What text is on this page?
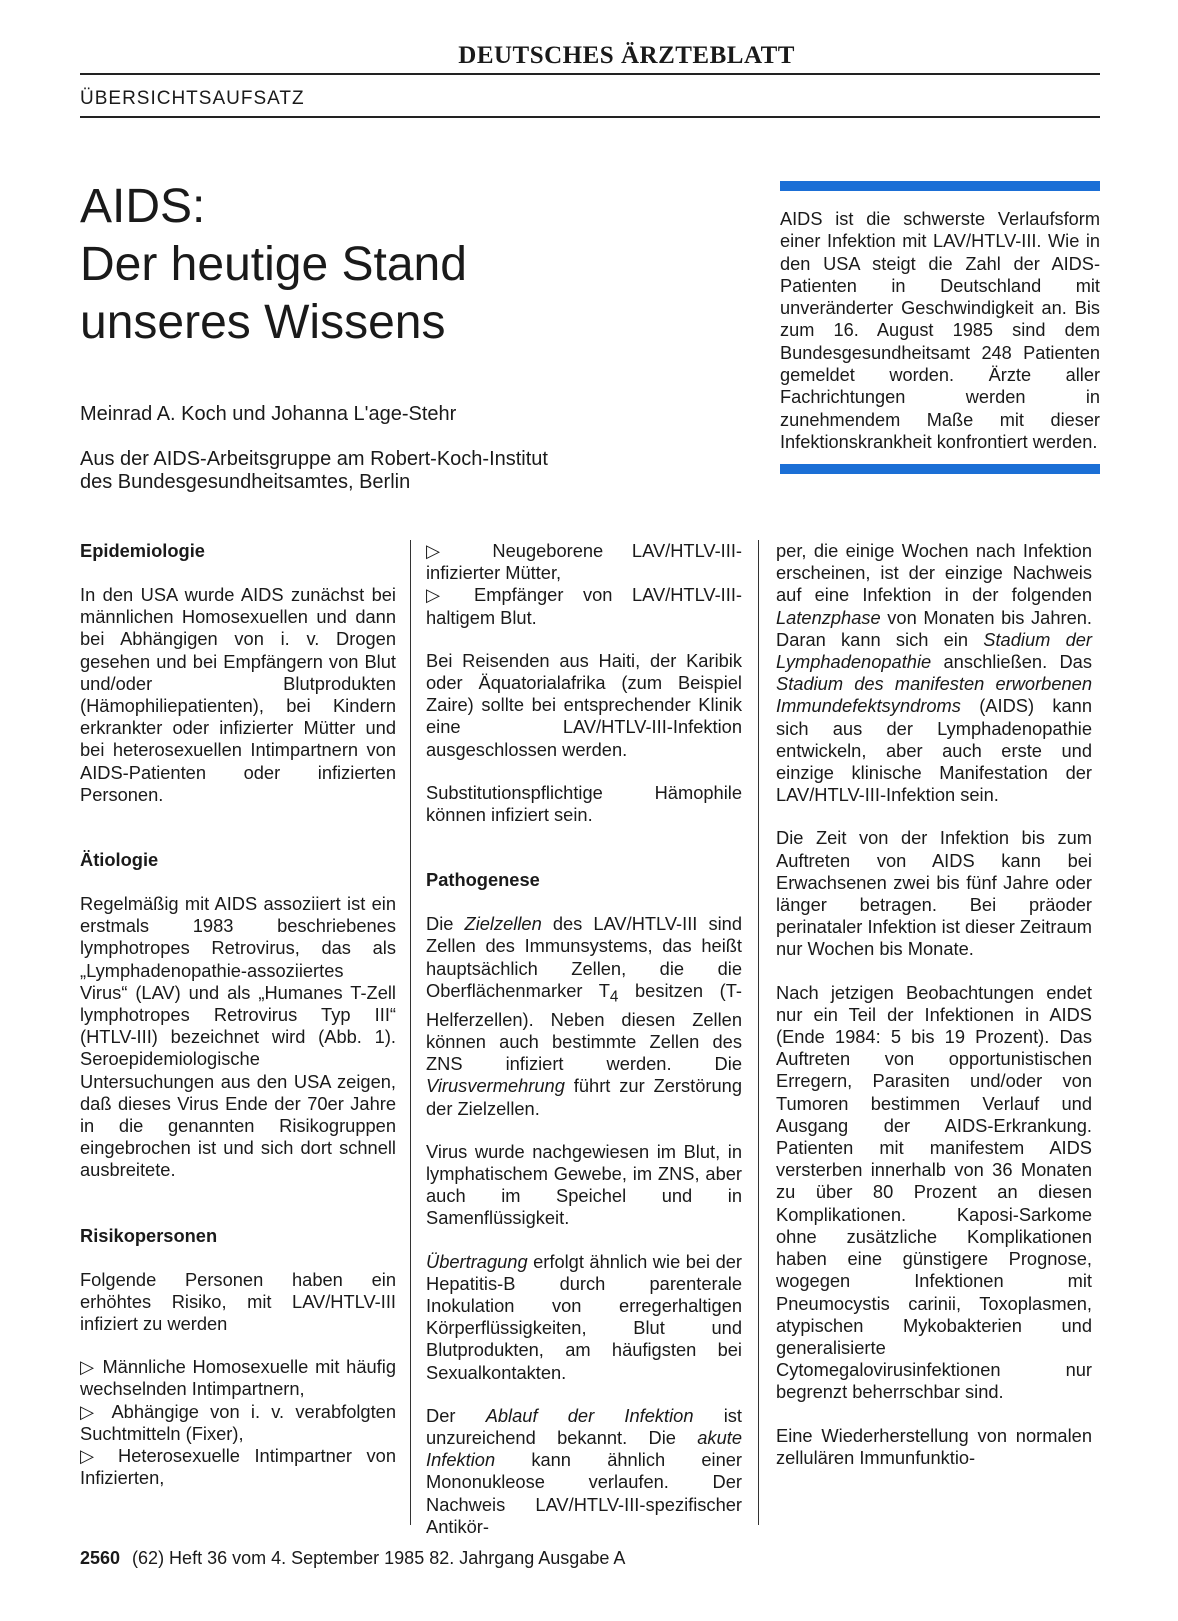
DEUTSCHES ÄRZTEBLATT
ÜBERSICHTSAUFSATZ
AIDS:
Der heutige Stand
unseres Wissens
Meinrad A. Koch und Johanna L'age-Stehr
Aus der AIDS-Arbeitsgruppe am Robert-Koch-Institut
des Bundesgesundheitsamtes, Berlin

AIDS ist die schwerste Verlaufsform einer Infektion mit LAV/HTLV-III. Wie in den USA steigt die Zahl der AIDS-Patienten in Deutschland mit unveränderter Geschwindigkeit an. Bis zum 16. August 1985 sind dem Bundesgesundheitsamt 248 Patienten gemeldet worden. Ärzte aller Fachrichtungen werden in zunehmendem Maße mit dieser Infektionskrankheit konfrontiert werden.

Epidemiologie

In den USA wurde AIDS zunächst bei männlichen Homosexuellen und dann bei Abhängigen von i. v. Drogen gesehen und bei Empfängern von Blut und/oder Blutprodukten (Hämophiliepatienten), bei Kindern erkrankter oder infizierter Mütter und bei heterosexuellen Intimpartnern von AIDS-Patienten oder infizierten Personen.

Ätiologie

Regelmäßig mit AIDS assoziiert ist ein erstmals 1983 beschriebenes lymphotropes Retrovirus, das als „Lymphadenopathie-assoziiertes Virus“ (LAV) und als „Humanes T-Zell lymphotropes Retrovirus Typ III“ (HTLV-III) bezeichnet wird (Abb. 1). Seroepidemiologische Untersuchungen aus den USA zeigen, daß dieses Virus Ende der 70er Jahre in die genannten Risikogruppen eingebrochen ist und sich dort schnell ausbreitete.

Risikopersonen

Folgende Personen haben ein erhöhtes Risiko, mit LAV/HTLV-III infiziert zu werden

▷ Männliche Homosexuelle mit häufig wechselnden Intimpartnern,
▷ Abhängige von i. v. verabfolgten Suchtmitteln (Fixer),
▷ Heterosexuelle Intimpartner von Infizierten,
▷ Neugeborene LAV/HTLV-III-infizierter Mütter,
▷ Empfänger von LAV/HTLV-III-haltigem Blut.

Bei Reisenden aus Haiti, der Karibik oder Äquatorialafrika (zum Beispiel Zaire) sollte bei entsprechender Klinik eine LAV/HTLV-III-Infektion ausgeschlossen werden.

Substitutionspflichtige Hämophile können infiziert sein.

Pathogenese

Die Zielzellen des LAV/HTLV-III sind Zellen des Immunsystems, das heißt hauptsächlich Zellen, die die Oberflächenmarker $T_4$ besitzen (T-Helferzellen). Neben diesen Zellen können auch bestimmte Zellen des ZNS infiziert werden. Die Virusvermehrung führt zur Zerstörung der Zielzellen.

Virus wurde nachgewiesen im Blut, in lymphatischem Gewebe, im ZNS, aber auch im Speichel und in Samenflüssigkeit.

Übertragung erfolgt ähnlich wie bei der Hepatitis-B durch parenterale Inokulation von erregerhaltigen Körperflüssigkeiten, Blut und Blutprodukten, am häufigsten bei Sexualkontakten.

Der Ablauf der Infektion ist unzureichend bekannt. Die akute Infektion kann ähnlich einer Mononukleose verlaufen. Der Nachweis LAV/HTLV-III-spezifischer Antikör-

per, die einige Wochen nach Infektion erscheinen, ist der einzige Nachweis auf eine Infektion in der folgenden Latenzphase von Monaten bis Jahren. Daran kann sich ein Stadium der Lymphadenopathie anschließen. Das Stadium des manifesten erworbenen Immundefektsyndroms (AIDS) kann sich aus der Lymphadenopathie entwickeln, aber auch erste und einzige klinische Manifestation der LAV/HTLV-III-Infektion sein.

Die Zeit von der Infektion bis zum Auftreten von AIDS kann bei Erwachsenen zwei bis fünf Jahre oder länger betragen. Bei präoder perinataler Infektion ist dieser Zeitraum nur Wochen bis Monate.

Nach jetzigen Beobachtungen endet nur ein Teil der Infektionen in AIDS (Ende 1984: 5 bis 19 Prozent). Das Auftreten von opportunistischen Erregern, Parasiten und/oder von Tumoren bestimmen Verlauf und Ausgang der AIDS-Erkrankung. Patienten mit manifestem AIDS versterben innerhalb von 36 Monaten zu über 80 Prozent an diesen Komplikationen. Kaposi-Sarkome ohne zusätzliche Komplikationen haben eine günstigere Prognose, wogegen Infektionen mit Pneumocystis carinii, Toxoplasmen, atypischen Mykobakterien und generalisierte Cytomegalovirusinfektionen nur begrenzt beherrschbar sind.

Eine Wiederherstellung von normalen zellulären Immunfunktio-

2560 (62) Heft 36 vom 4. September 1985 82. Jahrgang Ausgabe A
